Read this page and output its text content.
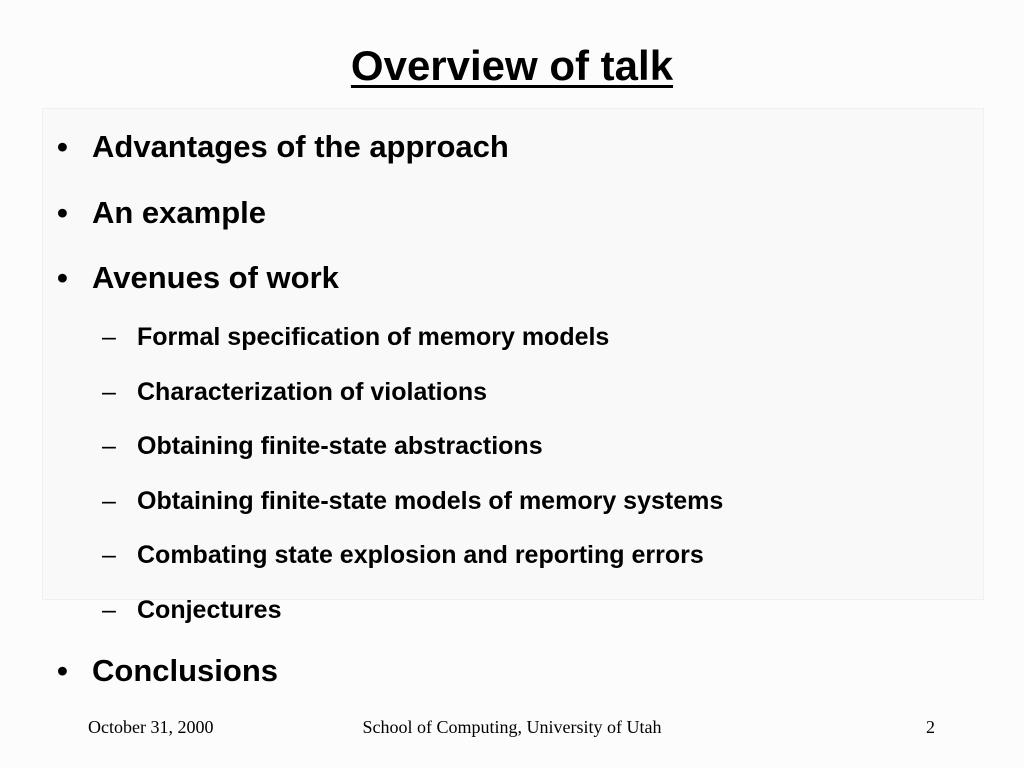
Overview of talk
• Advantages of the approach
• An example
• Avenues of work
– Formal specification of memory models
– Characterization of violations
– Obtaining finite-state abstractions
– Obtaining finite-state models of memory systems
– Combating state explosion and reporting errors
– Conjectures
• Conclusions
October 31, 2000	School of Computing, University of Utah	2
